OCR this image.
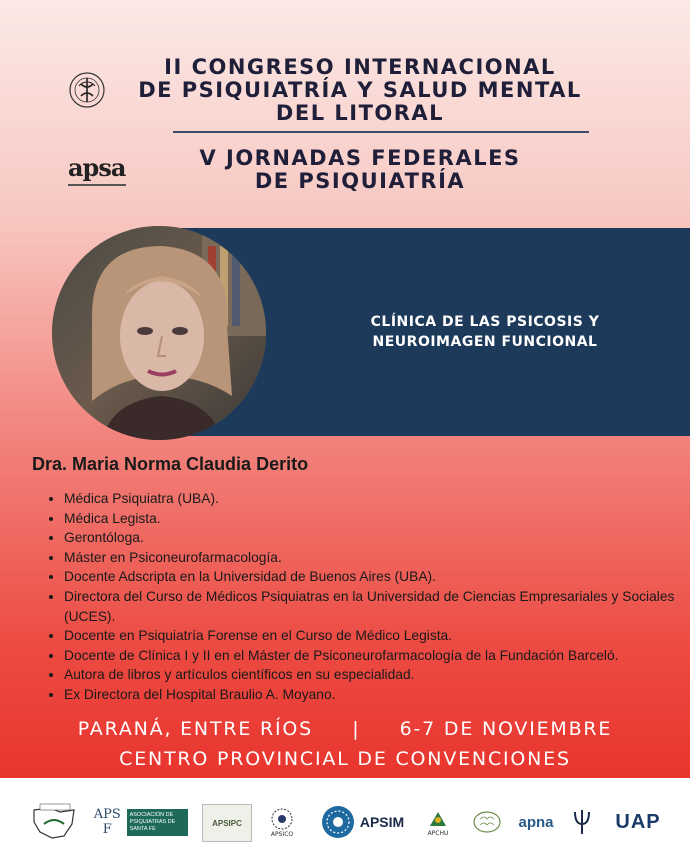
II CONGRESO INTERNACIONAL
DE PSIQUIATRÍA Y SALUD MENTAL
DEL LITORAL
apsa	V JORNADAS FEDERALES
DE PSIQUIATRÍA
CLÍNICA DE LAS PSICOSIS Y
NEUROIMAGEN FUNCIONAL
Dra. Maria Norma Claudia Derito
• Médica Psiquiatra (UBA).
• Médica Legista.
• Gerontóloga.
• Máster en Psiconeurofarmacología.
• Docente Adscripta en la Universidad de Buenos Aires (UBA).
• Directora del Curso de Médicos Psiquiatras en la Universidad de Ciencias Empresariales y Sociales (UCES).
• Docente en Psiquiatría Forense en el Curso de Médico Legista.
• Docente de Clínica I y II en el Máster de Psiconeurofarmacología de la Fundación Barceló.
• Autora de libros y artículos científicos en su especialidad.
• Ex Directora del Hospital Braulio A. Moyano.
PARANÁ, ENTRE RÍOS     |     6-7 DE NOVIEMBRE
CENTRO PROVINCIAL DE CONVENCIONES
APSF
ASOCIACIÓN DE PSIQUIATRAS DE SANTA FE
APSIPC
APSICO
APSIM
APCHU
apna	UAP
